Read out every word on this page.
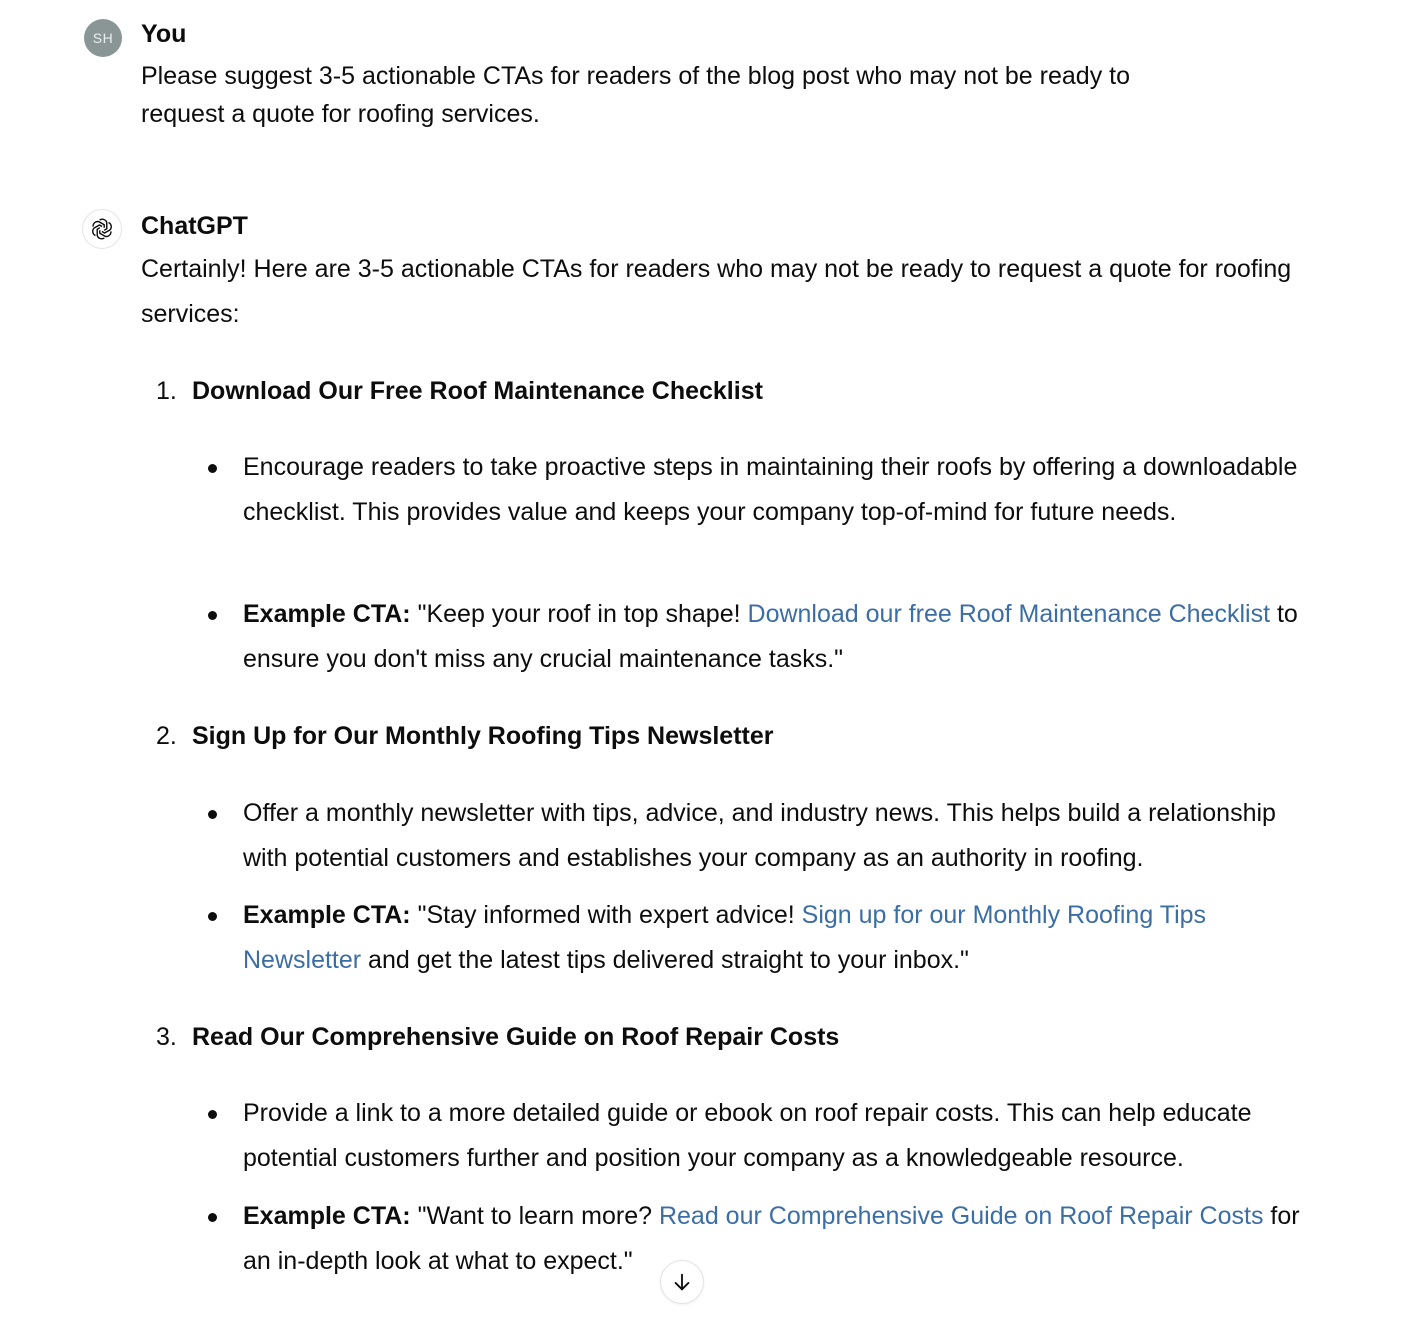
SH	You
Please suggest 3-5 actionable CTAs for readers of the blog post who may not be ready to request a quote for roofing services.
ChatGPT
Certainly! Here are 3-5 actionable CTAs for readers who may not be ready to request a quote for roofing services:
1. Download Our Free Roof Maintenance Checklist
Encourage readers to take proactive steps in maintaining their roofs by offering a downloadable checklist. This provides value and keeps your company top-of-mind for future needs.
Example CTA: "Keep your roof in top shape! Download our free Roof Maintenance Checklist to ensure you don't miss any crucial maintenance tasks."
2. Sign Up for Our Monthly Roofing Tips Newsletter
Offer a monthly newsletter with tips, advice, and industry news. This helps build a relationship with potential customers and establishes your company as an authority in roofing.
Example CTA: "Stay informed with expert advice! Sign up for our Monthly Roofing Tips Newsletter and get the latest tips delivered straight to your inbox."
3. Read Our Comprehensive Guide on Roof Repair Costs
Provide a link to a more detailed guide or ebook on roof repair costs. This can help educate potential customers further and position your company as a knowledgeable resource.
Example CTA: "Want to learn more? Read our Comprehensive Guide on Roof Repair Costs for an in-depth look at what to expect."
